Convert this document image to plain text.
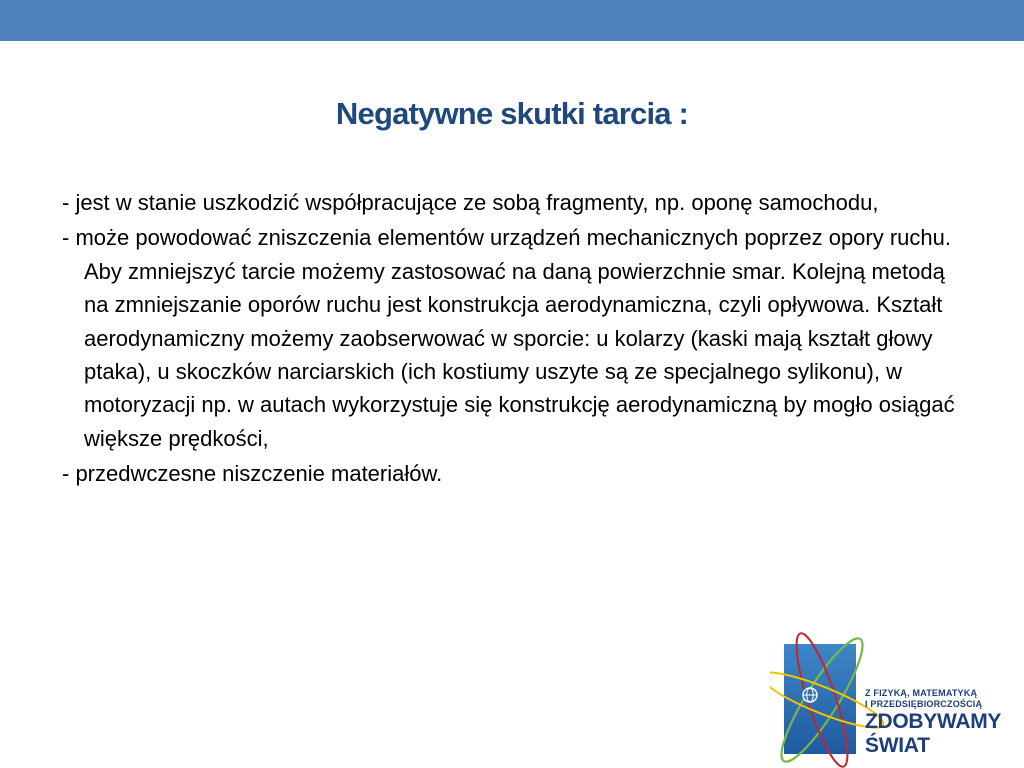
Negatywne skutki tarcia :
- jest w stanie uszkodzić współpracujące ze sobą fragmenty, np. oponę samochodu,
- może powodować zniszczenia elementów urządzeń mechanicznych poprzez opory ruchu. Aby zmniejszyć tarcie możemy zastosować na daną powierzchnie smar. Kolejną metodą na zmniejszanie oporów ruchu jest konstrukcja aerodynamiczna, czyli opływowa. Kształt aerodynamiczny możemy zaobserwować w sporcie: u kolarzy (kaski mają kształt głowy ptaka), u skoczków narciarskich (ich kostiumy uszyte są ze specjalnego sylikonu), w motoryzacji np. w autach wykorzystuje się konstrukcję aerodynamiczną by mogło osiągać większe prędkości,
- przedwczesne niszczenie materiałów.
Z FIZYKĄ, MATEMATYKĄ
I PRZEDSIĘBIORCZOŚCIĄ
ZDOBYWAMY
ŚWIAT
